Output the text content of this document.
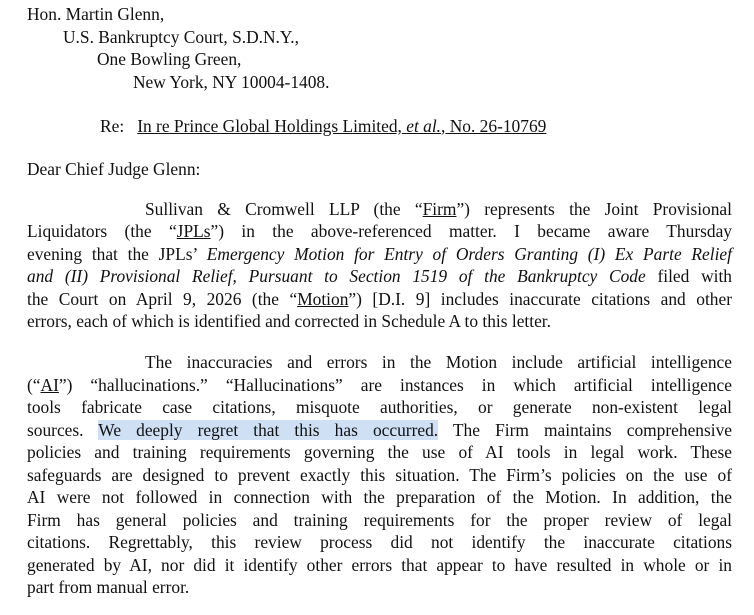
Hon. Martin Glenn,
U.S. Bankruptcy Court, S.D.N.Y.,
One Bowling Green,
New York, NY 10004-1408.
Re: In re Prince Global Holdings Limited, et al., No. 26-10769
Dear Chief Judge Glenn:
Sullivan & Cromwell LLP (the “Firm”) represents the Joint Provisional
Liquidators (the “JPLs”) in the above-referenced matter. I became aware Thursday
evening that the JPLs’ Emergency Motion for Entry of Orders Granting (I) Ex Parte Relief
and (II) Provisional Relief, Pursuant to Section 1519 of the Bankruptcy Code filed with
the Court on April 9, 2026 (the “Motion”) [D.I. 9] includes inaccurate citations and other
errors, each of which is identified and corrected in Schedule A to this letter.
The inaccuracies and errors in the Motion include artificial intelligence
(“AI”) “hallucinations.” “Hallucinations” are instances in which artificial intelligence
tools fabricate case citations, misquote authorities, or generate non-existent legal
sources. We deeply regret that this has occurred. The Firm maintains comprehensive
policies and training requirements governing the use of AI tools in legal work. These
safeguards are designed to prevent exactly this situation. The Firm’s policies on the use of
AI were not followed in connection with the preparation of the Motion. In addition, the
Firm has general policies and training requirements for the proper review of legal
citations. Regrettably, this review process did not identify the inaccurate citations
generated by AI, nor did it identify other errors that appear to have resulted in whole or in
part from manual error.
